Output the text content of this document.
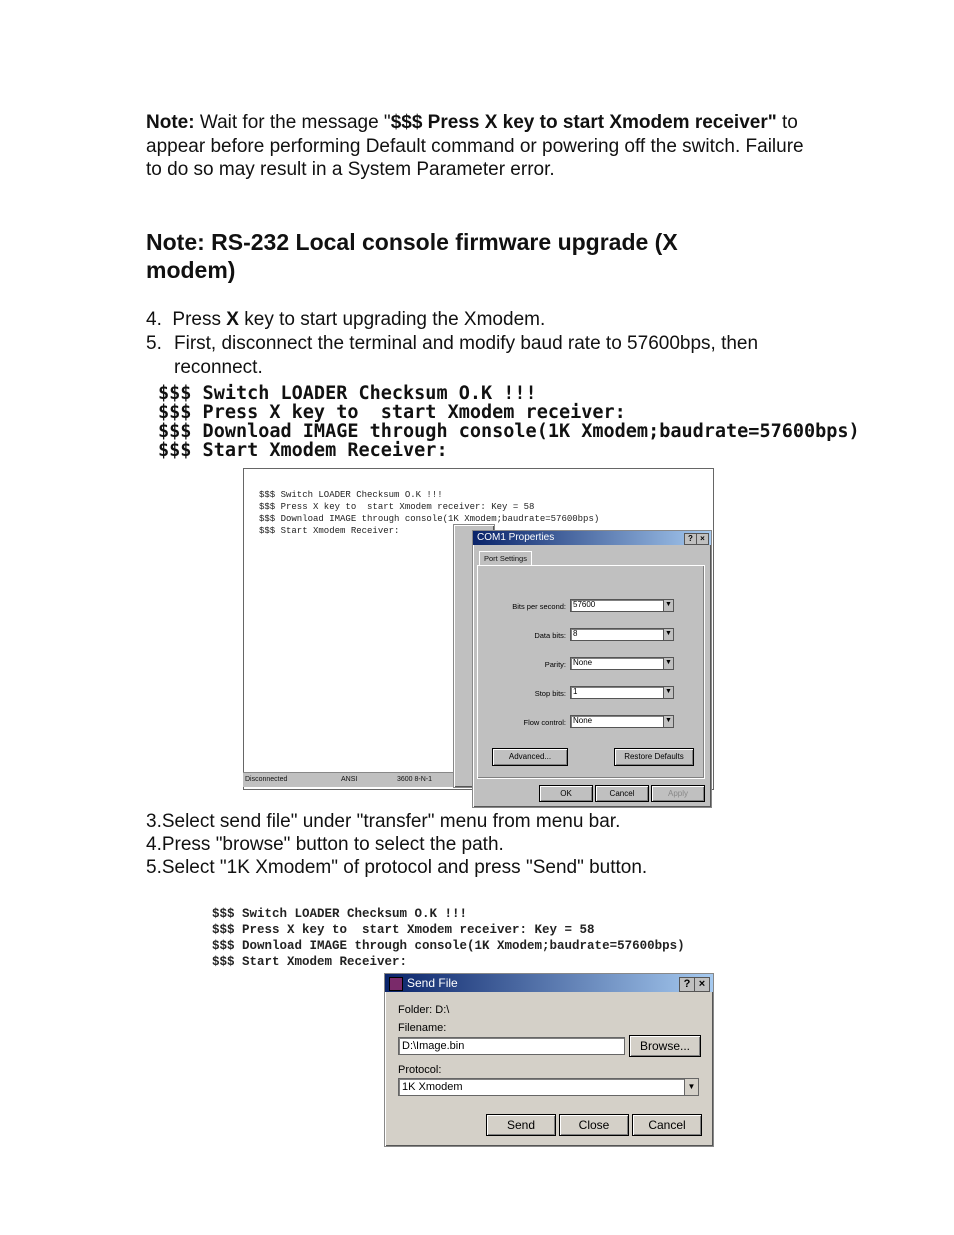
Note: Wait for the message "$$$ Press X key to start Xmodem receiver" to appear before performing Default command or powering off the switch. Failure to do so may result in a System Parameter error.
Note: RS-232 Local console firmware upgrade (X modem)
4. Press X key to start upgrading the Xmodem.
5. First, disconnect the terminal and modify baud rate to 57600bps, then reconnect.
$$$ Switch LOADER Checksum O.K !!!
$$$ Press X key to  start Xmodem receiver:
$$$ Download IMAGE through console(1K Xmodem;baudrate=57600bps)
$$$ Start Xmodem Receiver:
$$$ Switch LOADER Checksum O.K !!!
$$$ Press X key to  start Xmodem receiver: Key = 58
$$$ Download IMAGE through console(1K Xmodem;baudrate=57600bps)
$$$ Start Xmodem Receiver:
Disconnected	ANSI	3600 8-N-1
COM1 Properties	? ×
Port Settings
Bits per second: 57600	▼
Data bits: 8	▼
Parity: None	▼
Stop bits: 1	▼
Flow control: None	▼
Advanced...	Restore Defaults
OK	Cancel	Apply
3.Select send file" under "transfer" menu from menu bar.
4.Press "browse" button to select the path.
5.Select "1K Xmodem" of protocol and press "Send" button.
$$$ Switch LOADER Checksum O.K !!!
$$$ Press X key to  start Xmodem receiver: Key = 58
$$$ Download IMAGE through console(1K Xmodem;baudrate=57600bps)
$$$ Start Xmodem Receiver:
Send File	? ×
Folder: D:\
Filename:
D:\Image.bin	Browse...
Protocol:
1K Xmodem	▼
Send	Close	Cancel
